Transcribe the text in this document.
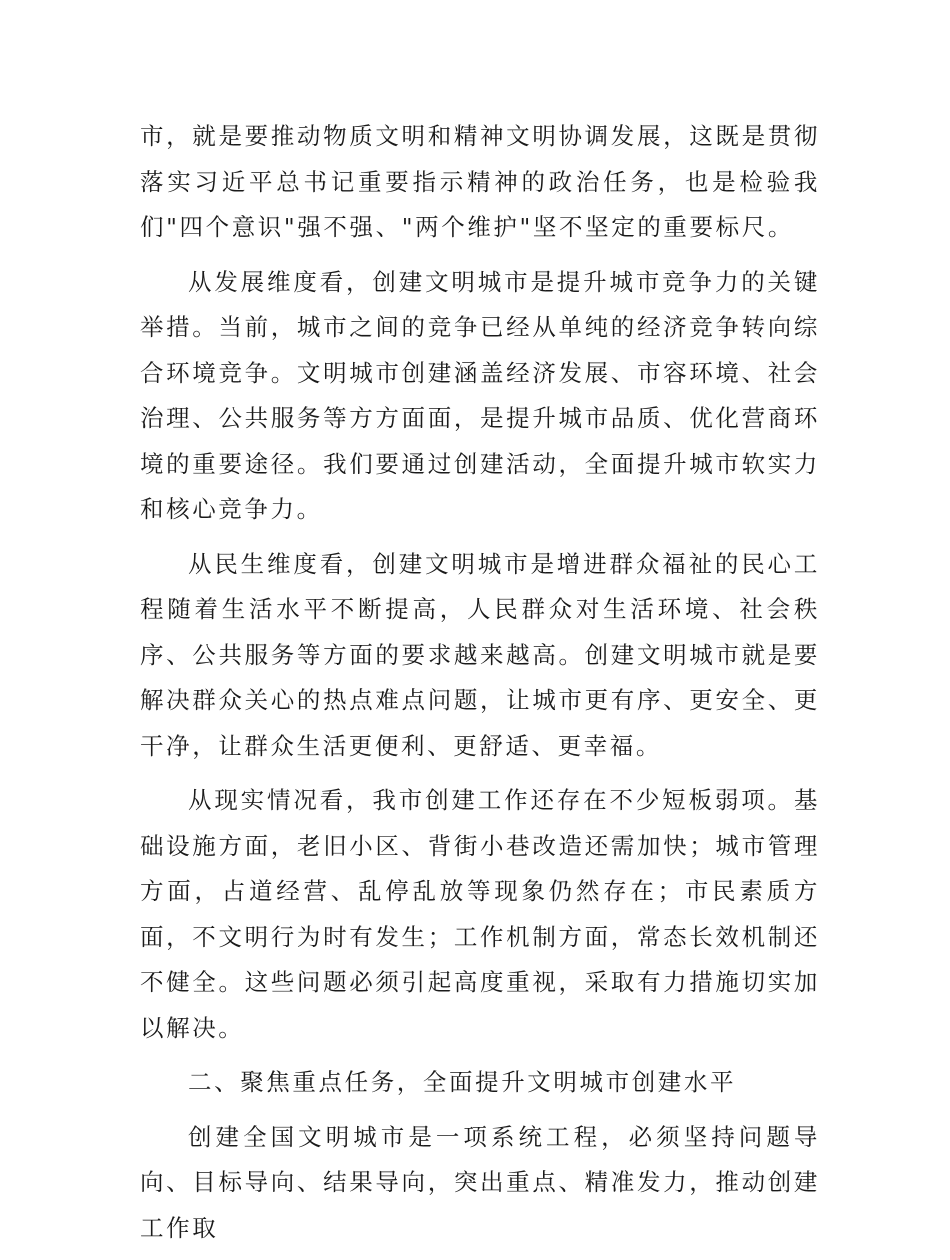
市，就是要推动物质文明和精神文明协调发展，这既是贯彻落实习近平总书记重要指示精神的政治任务，也是检验我们"四个意识"强不强、"两个维护"坚不坚定的重要标尺。

从发展维度看，创建文明城市是提升城市竞争力的关键举措。当前，城市之间的竞争已经从单纯的经济竞争转向综合环境竞争。文明城市创建涵盖经济发展、市容环境、社会治理、公共服务等方方面面，是提升城市品质、优化营商环境的重要途径。我们要通过创建活动，全面提升城市软实力和核心竞争力。

从民生维度看，创建文明城市是增进群众福祉的民心工程随着生活水平不断提高，人民群众对生活环境、社会秩序、公共服务等方面的要求越来越高。创建文明城市就是要解决群众关心的热点难点问题，让城市更有序、更安全、更干净，让群众生活更便利、更舒适、更幸福。

从现实情况看，我市创建工作还存在不少短板弱项。基础设施方面，老旧小区、背街小巷改造还需加快；城市管理方面，占道经营、乱停乱放等现象仍然存在；市民素质方面，不文明行为时有发生；工作机制方面，常态长效机制还不健全。这些问题必须引起高度重视，采取有力措施切实加以解决。

二、聚焦重点任务，全面提升文明城市创建水平

创建全国文明城市是一项系统工程，必须坚持问题导向、目标导向、结果导向，突出重点、精准发力，推动创建工作取
